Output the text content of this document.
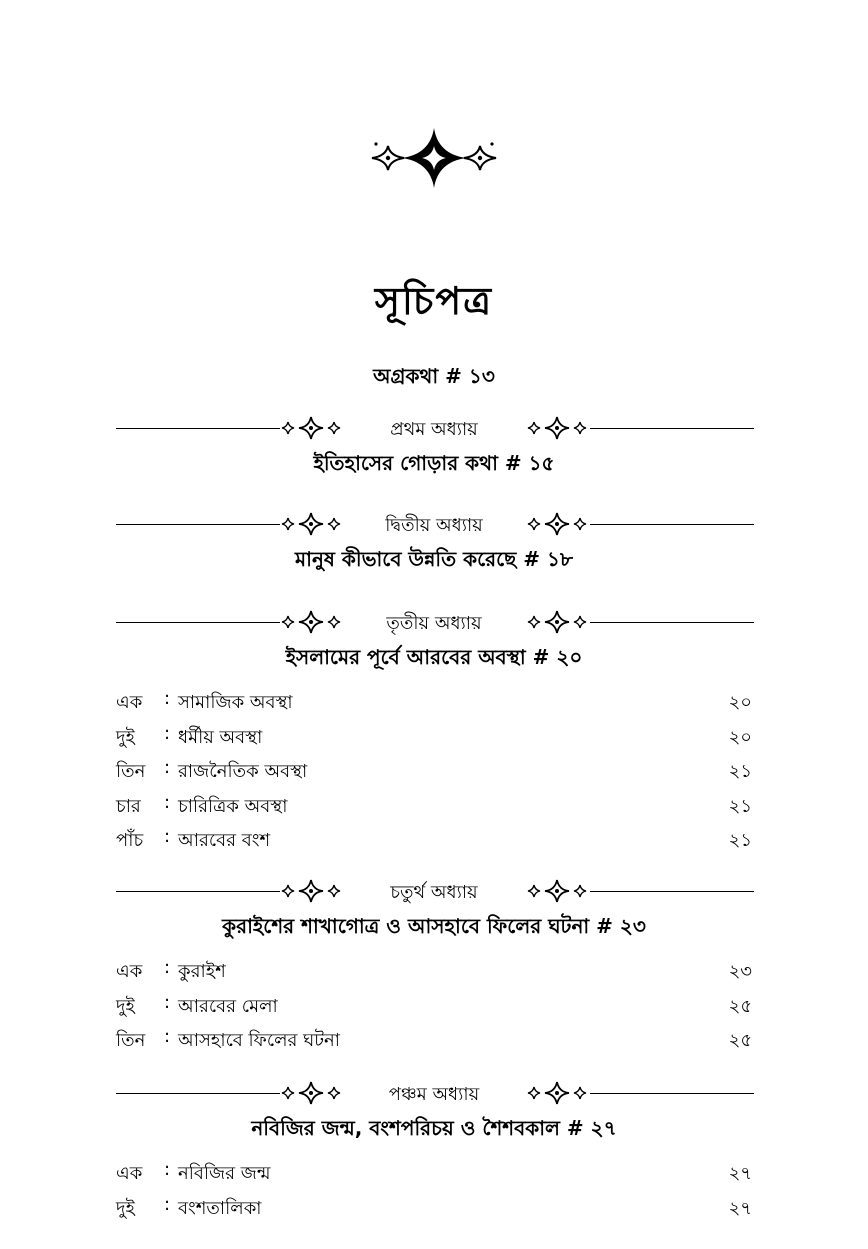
সূচিপত্র
অগ্রকথা # ১৩
প্রথম অধ্যায়
ইতিহাসের গোড়ার কথা # ১৫
দ্বিতীয় অধ্যায়
মানুষ কীভাবে উন্নতি করেছে # ১৮
তৃতীয় অধ্যায়
ইসলামের পূর্বে আরবের অবস্থা # ২০
এক : সামাজিক অবস্থা	২০
দুই : ধর্মীয় অবস্থা	২০
তিন : রাজনৈতিক অবস্থা	২১
চার : চারিত্রিক অবস্থা	২১
পাঁচ : আরবের বংশ	২১
চতুর্থ অধ্যায়
কুরাইশের শাখাগোত্র ও আসহাবে ফিলের ঘটনা # ২৩
এক : কুরাইশ	২৩
দুই : আরবের মেলা	২৫
তিন : আসহাবে ফিলের ঘটনা	২৫
পঞ্চম অধ্যায়
নবিজির জন্ম, বংশপরিচয় ও শৈশবকাল # ২৭
এক : নবিজির জন্ম	২৭
দুই : বংশতালিকা	২৭
